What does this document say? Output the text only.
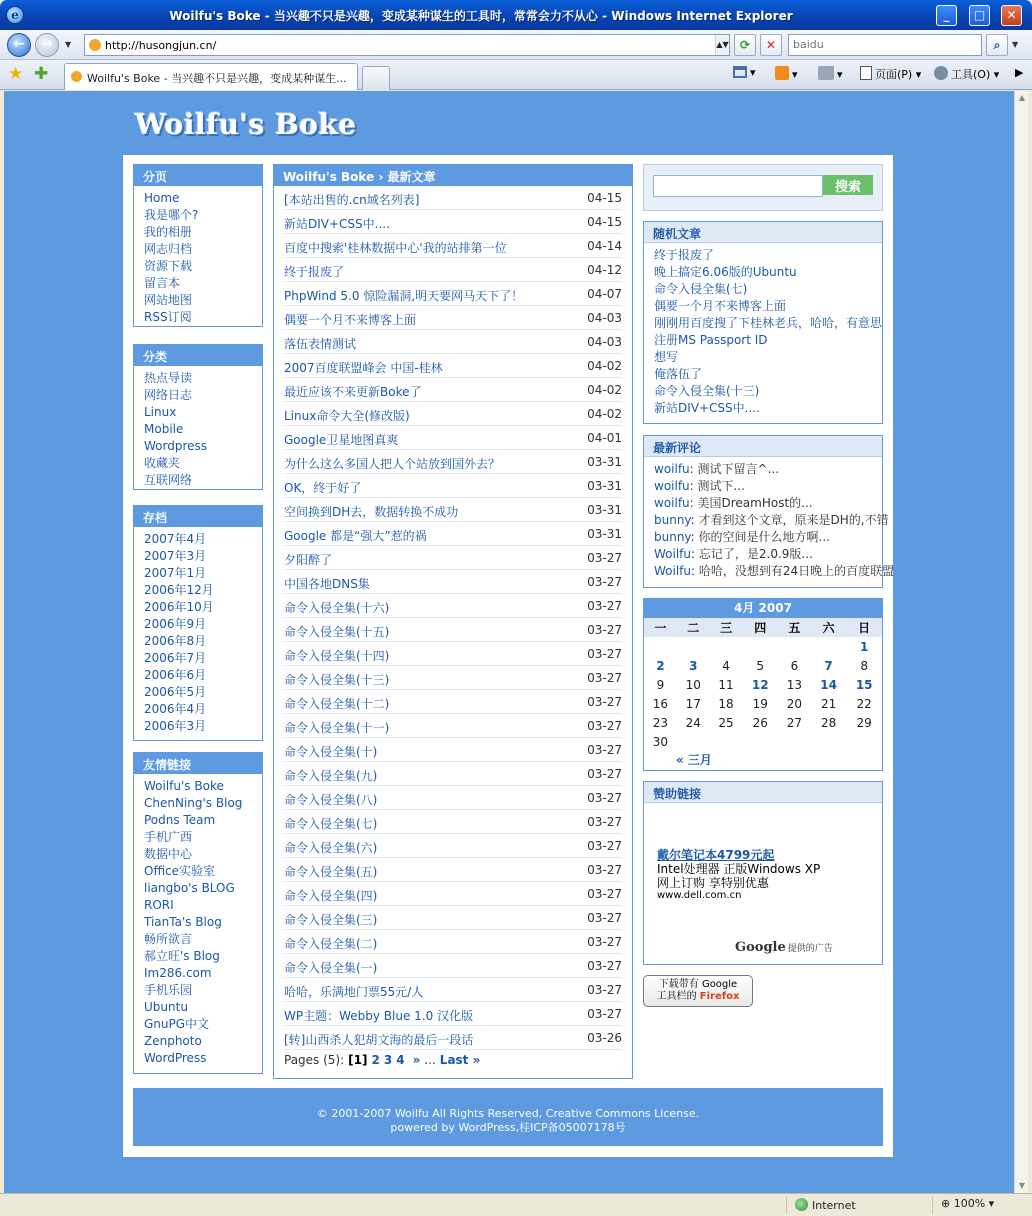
e	Woilfu's Boke - 当兴趣不只是兴趣，变成某种谋生的工具时，常常会力不从心 - Windows Internet Explorer	_	□	✕
←	→	▼
http://husongjun.cn/	▲▼ ⟳	✕
baidu	⌕	▼
★ ✚	Woilfu's Boke - 当兴趣不只是兴趣，变成某种谋生...	▾	▾	▾	页面(P) ▾	工具(O) ▾ ▶
Woilfu's Boke
分页
Home
我是哪个?
我的相册
网志归档
资源下载
留言本
网站地图
RSS订阅
分类
热点导读
网络日志
Linux
Mobile
Wordpress
收藏夹
互联网络
存档
2007年4月
2007年3月
2007年1月
2006年12月
2006年10月
2006年9月
2006年8月
2006年7月
2006年6月
2006年5月
2006年4月
2006年3月
友情链接
Woilfu's Boke
ChenNing's Blog
Podns Team
手机广西
数据中心
Office实验室
liangbo's BLOG
RORI
TianTa's Blog
畅所欲言
郝立旺's Blog
Im286.com
手机乐园
Ubuntu
GnuPG中文
Zenphoto
WordPress
Woilfu's Boke › 最新文章
[本站出售的.cn域名列表]	04-15
新站DIV+CSS中....	04-15
百度中搜索'桂林数据中心'我的站排第一位	04-14
终于报废了	04-12
PhpWind 5.0 惊险漏洞,明天要网马天下了！	04-07
偶要一个月不来博客上面	04-03
落伍表情测试	04-03
2007百度联盟峰会 中国-桂林	04-02
最近应该不来更新Boke了	04-02
Linux命令大全(修改版)	04-02
Google卫星地图真爽	04-01
为什么这么多国人把人个站放到国外去？	03-31
OK，终于好了	03-31
空间换到DH去，数据转换不成功	03-31
Google 都是“强大”惹的祸	03-31
夕阳醉了	03-27
中国各地DNS集	03-27
命令入侵全集(十六)	03-27
命令入侵全集(十五)	03-27
命令入侵全集(十四)	03-27
命令入侵全集(十三)	03-27
命令入侵全集(十二)	03-27
命令入侵全集(十一)	03-27
命令入侵全集(十)	03-27
命令入侵全集(九)	03-27
命令入侵全集(八)	03-27
命令入侵全集(七)	03-27
命令入侵全集(六)	03-27
命令入侵全集(五)	03-27
命令入侵全集(四)	03-27
命令入侵全集(三)	03-27
命令入侵全集(二)	03-27
命令入侵全集(一)	03-27
哈哈，乐满地门票55元/人	03-27
WP主题：Webby Blue 1.0 汉化版	03-27
[转]山西杀人犯胡文海的最后一段话	03-26
Pages (5): [1] 2 3 4 » ... Last »
搜索
随机文章
终于报废了
晚上搞定6.06版的Ubuntu
命令入侵全集(七)
偶要一个月不来博客上面
刚刚用百度搜了下桂林老兵，哈哈，有意思
注册MS Passport ID
想写
俺落伍了
命令入侵全集(十三)
新站DIV+CSS中....
最新评论
woilfu: 测试下留言^...
woilfu: 测试下...
woilfu: 美国DreamHost的...
bunny: 才看到这个文章，原来是DH的,不错
bunny: 你的空间是什么地方啊...
Woilfu: 忘记了，是2.0.9版...
Woilfu: 哈哈，没想到有24日晚上的百度联盟
4月 2007
一	二	三	四	五	六	日
						1
2	3	4	5	6	7	8
9	10	11	12	13	14	15
16	17	18	19	20	21	22
23	24	25	26	27	28	29
30						
« 三月
赞助链接
戴尔笔记本4799元起
Intel处理器 正版Windows XP
网上订购 享特别优惠
www.dell.com.cn
Google 提供的广告
下载带有 Google
工具栏的 Firefox
© 2001-2007 Woilfu All Rights Reserved, Creative Commons License.
powered by WordPress,桂ICP备05007178号
▲
▼
Internet	⊕ 100% ▾
